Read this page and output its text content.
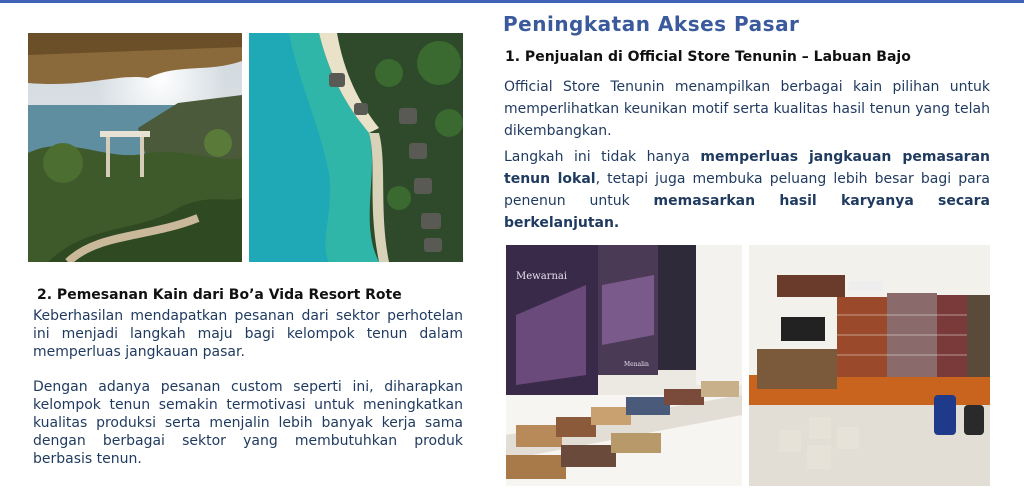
Peningkatan Akses Pasar
1. Penjualan di Official Store Tenunin – Labuan Bajo
Official Store Tenunin menampilkan berbagai kain pilihan untuk memperlihatkan keunikan motif serta kualitas hasil tenun yang telah dikembangkan.
Langkah ini tidak hanya memperluas jangkauan pemasaran tenun lokal, tetapi juga membuka peluang lebih besar bagi para penenun untuk memasarkan hasil karyanya secara berkelanjutan.
2. Pemesanan Kain dari Bo’a Vida Resort Rote
Keberhasilan mendapatkan pesanan dari sektor perhotelan ini menjadi langkah maju bagi kelompok tenun dalam memperluas jangkauan pasar.
Dengan adanya pesanan custom seperti ini, diharapkan kelompok tenun semakin termotivasi untuk meningkatkan kualitas produksi serta menjalin lebih banyak kerja sama dengan berbagai sektor yang membutuhkan produk berbasis tenun.
Mewarnai
Menalin
